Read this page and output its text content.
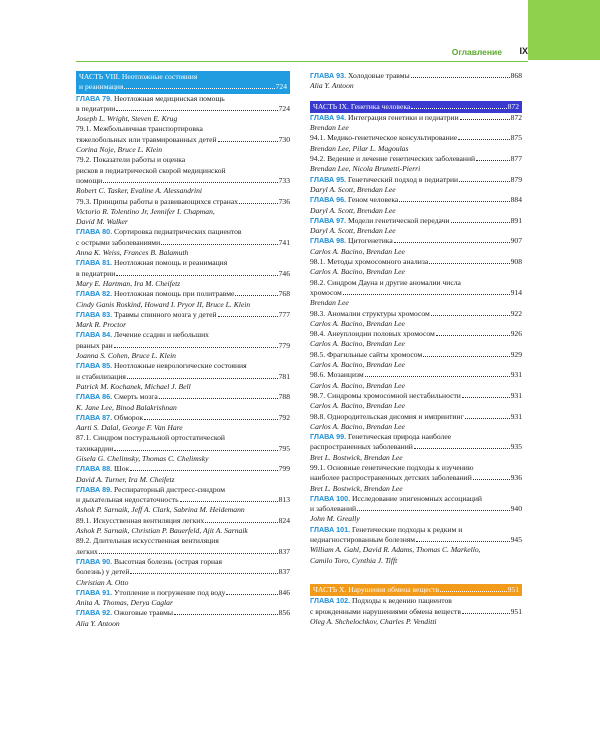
Оглавление IX
ЧАСТЬ VIII. Неотложные состояния
и реанимация	724
ГЛАВА 79. Неотложная медицинская помощь
в педиатрии	724
Joseph L. Wright, Steven E. Krug
79.1. Межбольничная транспортировка
тяжелобольных или травмированных детей	730
Corina Noje, Bruce L. Klein
79.2. Показатели работы и оценка
рисков в педиатрической скорой медицинской
помощи	733
Robert C. Tasker, Evaline A. Alessandrini
79.3. Принципы работы в развивающихся странах	736
Victorio R. Tolentino Jr, Jennifer I. Chapman,
David M. Walker
ГЛАВА 80. Сортировка педиатрических пациентов
с острыми заболеваниями	741
Anna K. Weiss, Frances B. Balamuth
ГЛАВА 81. Неотложная помощь и реанимация
в педиатрии	746
Mary E. Hartman, Ira M. Cheifetz
ГЛАВА 82. Неотложная помощь при политравме	768
Cindy Ganis Roskind, Howard I. Pryor II, Bruce L. Klein
ГЛАВА 83. Травмы спинного мозга у детей	777
Mark R. Proctor
ГЛАВА 84. Лечение ссадин и небольших
рваных ран	779
Joanna S. Cohen, Bruce L. Klein
ГЛАВА 85. Неотложные неврологические состояния
и стабилизация	781
Patrick M. Kochanek, Michael J. Bell
ГЛАВА 86. Смерть мозга	788
K. Jane Lee, Binod Balakrishnan
ГЛАВА 87. Обморок	792
Aarti S. Dalal, George F. Van Hare
87.1. Синдром постуральной ортостатической
тахикардии	795
Gisela G. Chelimsky, Thomas C. Chelimsky
ГЛАВА 88. Шок	799
David A. Turner, Ira M. Cheifetz
ГЛАВА 89. Респираторный дистресс-синдром
и дыхательная недостаточность	813
Ashok P. Sarnaik, Jeff A. Clark, Sabrina M. Heidemann
89.1. Искусственная вентиляция легких	824
Ashok P. Sarnaik, Christian P. Bauerfeld, Ajit A. Sarnaik
89.2. Длительная искусственная вентиляция
легких	837
ГЛАВА 90. Высотная болезнь (острая горная
болезнь) у детей	837
Christian A. Otto
ГЛАВА 91. Утопление и погружение под воду	846
Anita A. Thomas, Derya Caglar
ГЛАВА 92. Ожоговые травмы	856
Alia Y. Antoon
ГЛАВА 93. Холодовые травмы	868
Alia Y. Antoon
ЧАСТЬ IX. Генетика человека	872
ГЛАВА 94. Интеграция генетики и педиатрии	872
Brendan Lee
94.1. Медико-генетическое консультирование	875
Brendan Lee, Pilar L. Magoulas
94.2. Ведение и лечение генетических заболеваний	877
Brendan Lee, Nicola Brunetti-Pierri
ГЛАВА 95. Генетический подход в педиатрии	879
Daryl A. Scott, Brendan Lee
ГЛАВА 96. Геном человека	884
Daryl A. Scott, Brendan Lee
ГЛАВА 97. Модели генетической передачи	891
Daryl A. Scott, Brendan Lee
ГЛАВА 98. Цитогенетика	907
Carlos A. Bacino, Brendan Lee
98.1. Методы хромосомного анализа	908
Carlos A. Bacino, Brendan Lee
98.2. Синдром Дауна и другие аномалии числа
хромосом	914
Brendan Lee
98.3. Аномалии структуры хромосом	922
Carlos A. Bacino, Brendan Lee
98.4. Анеуплоидии половых хромосом	926
Carlos A. Bacino, Brendan Lee
98.5. Фрагильные сайты хромосом	929
Carlos A. Bacino, Brendan Lee
98.6. Мозаицизм	931
Carlos A. Bacino, Brendan Lee
98.7. Синдромы хромосомной нестабильности	931
Carlos A. Bacino, Brendan Lee
98.8. Однородительская дисомия и импринтинг	931
Carlos A. Bacino, Brendan Lee
ГЛАВА 99. Генетическая природа наиболее
распространенных заболеваний	935
Bret L. Bostwick, Brendan Lee
99.1. Основные генетические подходы к изучению
наиболее распространенных детских заболеваний	936
Bret L. Bostwick, Brendan Lee
ГЛАВА 100. Исследование эпигеномных ассоциаций
и заболеваний	940
John M. Greally
ГЛАВА 101. Генетические подходы к редким и
недиагностированным болезням	945
William A. Gahl, David R. Adams, Thomas C. Markello,
Camilo Toro, Cynthia J. Tifft
ЧАСТЬ X. Нарушения обмена веществ	951
ГЛАВА 102. Подходы к ведению пациентов
с врожденными нарушениями обмена веществ	951
Oleg A. Shchelochkov, Charles P. Venditti
